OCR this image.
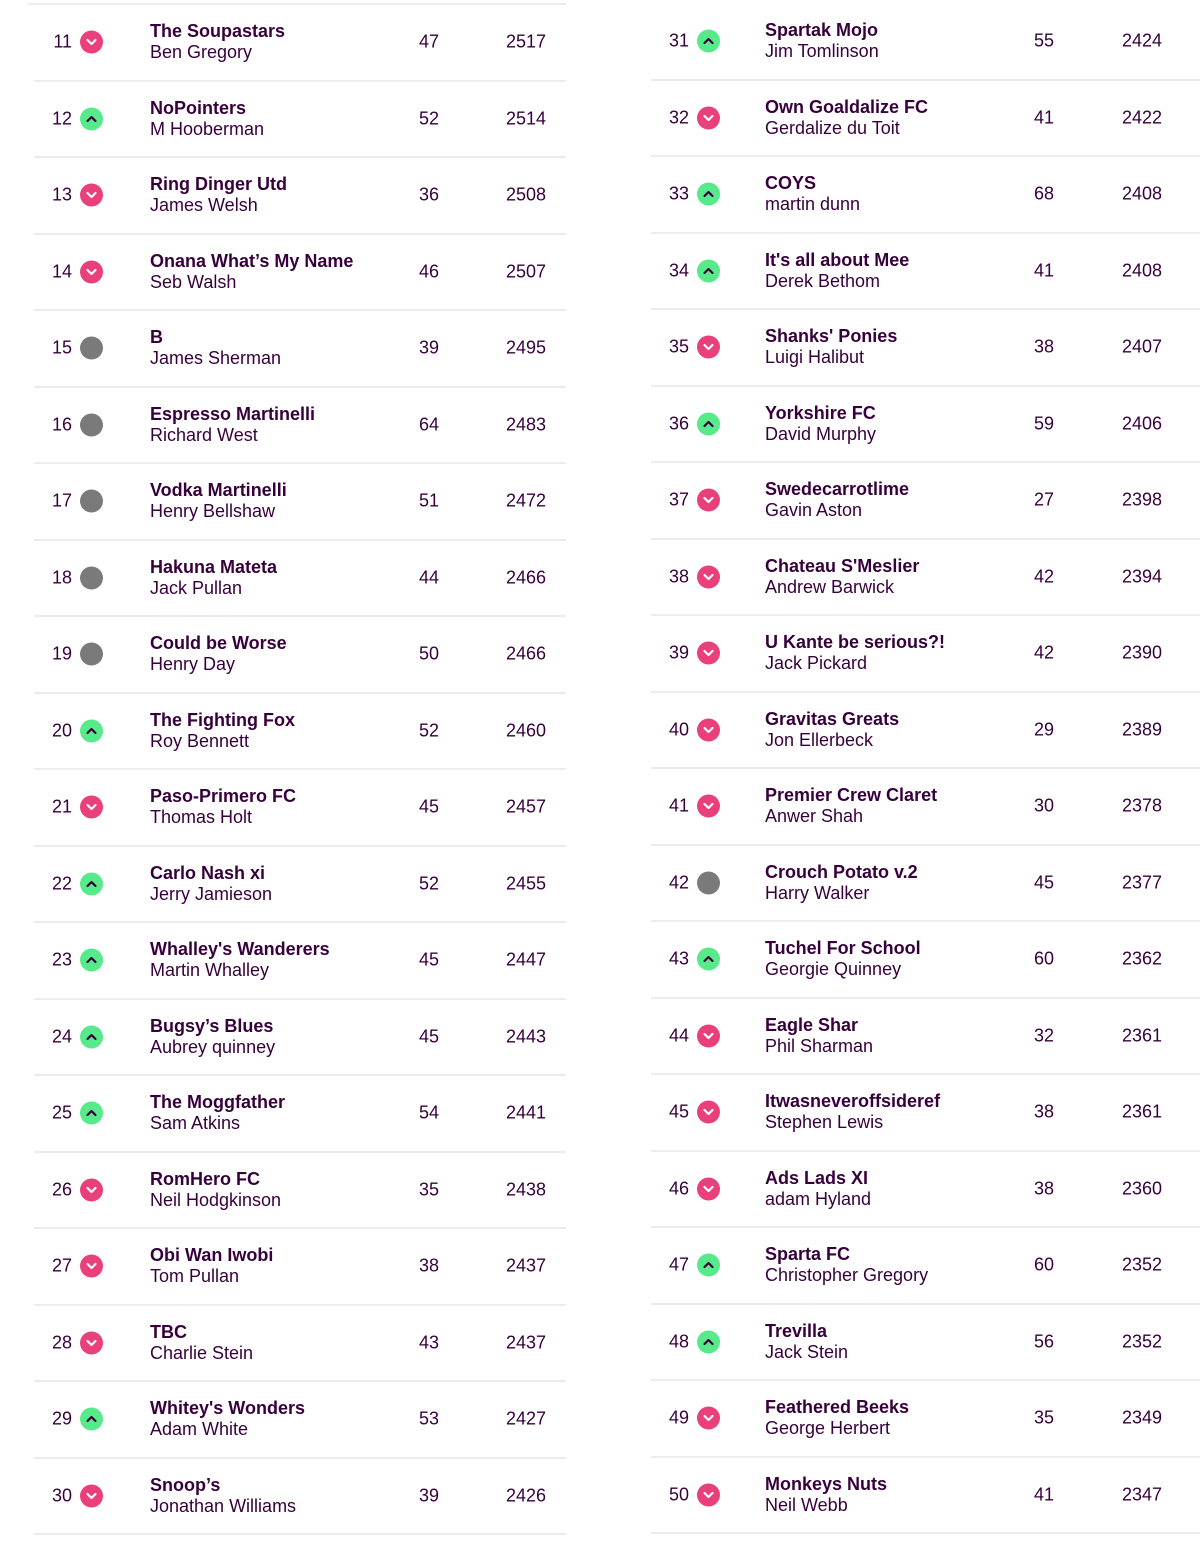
11
The Soupastars
Ben Gregory
47	2517
12
NoPointers
M Hooberman
52	2514
13
Ring Dinger Utd
James Welsh
36	2508
14
Onana What’s My Name
Seb Walsh
46	2507
15
B
James Sherman
39	2495
16
Espresso Martinelli
Richard West
64	2483
17
Vodka Martinelli
Henry Bellshaw
51	2472
18
Hakuna Mateta
Jack Pullan
44	2466
19
Could be Worse
Henry Day
50	2466
20
The Fighting Fox
Roy Bennett
52	2460
21
Paso-Primero FC
Thomas Holt
45	2457
22
Carlo Nash xi
Jerry Jamieson
52	2455
23
Whalley's Wanderers
Martin Whalley
45	2447
24
Bugsy’s Blues
Aubrey quinney
45	2443
25
The Moggfather
Sam Atkins
54	2441
26
RomHero FC
Neil Hodgkinson
35	2438
27
Obi Wan Iwobi
Tom Pullan
38	2437
28
TBC
Charlie Stein
43	2437
29
Whitey's Wonders
Adam White
53	2427
30
Snoop’s
Jonathan Williams
39	2426
31
Spartak Mojo
Jim Tomlinson
55	2424
32
Own Goaldalize FC
Gerdalize du Toit
41	2422
33
COYS
martin dunn
68	2408
34
It's all about Mee
Derek Bethom
41	2408
35
Shanks' Ponies
Luigi Halibut
38	2407
36
Yorkshire FC
David Murphy
59	2406
37
Swedecarrotlime
Gavin Aston
27	2398
38
Chateau S'Meslier
Andrew Barwick
42	2394
39
U Kante be serious?!
Jack Pickard
42	2390
40
Gravitas Greats
Jon Ellerbeck
29	2389
41
Premier Crew Claret
Anwer Shah
30	2378
42
Crouch Potato v.2
Harry Walker
45	2377
43
Tuchel For School
Georgie Quinney
60	2362
44
Eagle Shar
Phil Sharman
32	2361
45
Itwasneveroffsideref
Stephen Lewis
38	2361
46
Ads Lads XI
adam Hyland
38	2360
47
Sparta FC
Christopher Gregory
60	2352
48
Trevilla
Jack Stein
56	2352
49
Feathered Beeks
George Herbert
35	2349
50
Monkeys Nuts
Neil Webb
41	2347
